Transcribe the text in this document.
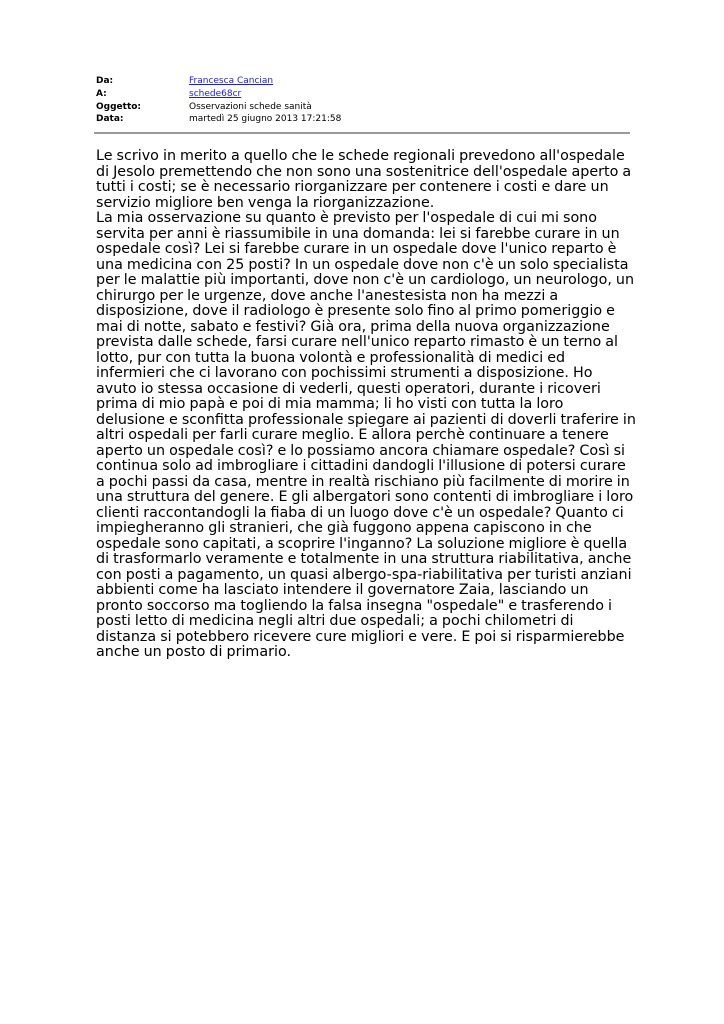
Da:	Francesca Cancian
A:	schede68cr
Oggetto:	Osservazioni schede sanità
Data:	martedì 25 giugno 2013 17:21:58

Le scrivo in merito a quello che le schede regionali prevedono all'ospedale di Jesolo premettendo che non sono una sostenitrice dell'ospedale aperto a tutti i costi; se è necessario riorganizzare per contenere i costi e dare un servizio migliore ben venga la riorganizzazione.

La mia osservazione su quanto è previsto per l'ospedale di cui mi sono servita per anni è riassumibile in una domanda: lei si farebbe curare in un ospedale così? Lei si farebbe curare in un ospedale dove l'unico reparto è una medicina con 25 posti? In un ospedale dove non c'è un solo specialista per le malattie più importanti, dove non c'è un cardiologo, un neurologo, un chirurgo per le urgenze, dove anche l'anestesista non ha mezzi a disposizione, dove il radiologo è presente solo fino al primo pomeriggio e mai di notte, sabato e festivi? Già ora, prima della nuova organizzazione prevista dalle schede, farsi curare nell'unico reparto rimasto è un terno al lotto, pur con tutta la buona volontà e professionalità di medici ed infermieri che ci lavorano con pochissimi strumenti a disposizione. Ho avuto io stessa occasione di vederli, questi operatori, durante i ricoveri prima di mio papà e poi di mia mamma; li ho visti con tutta la loro delusione e sconfitta professionale spiegare ai pazienti di doverli traferire in altri ospedali per farli curare meglio. E allora perchè continuare a tenere aperto un ospedale così? e lo possiamo ancora chiamare ospedale? Così si continua solo ad imbrogliare i cittadini dandogli l'illusione di potersi curare a pochi passi da casa, mentre in realtà rischiano più facilmente di morire in una struttura del genere. E gli albergatori sono contenti di imbrogliare i loro clienti raccontandogli la fiaba di un luogo dove c'è un ospedale? Quanto ci impiegheranno gli stranieri, che già fuggono appena capiscono in che ospedale sono capitati, a scoprire l'inganno? La soluzione migliore è quella di trasformarlo veramente e totalmente in una struttura riabilitativa, anche con posti a pagamento, un quasi albergo-spa-riabilitativa per turisti anziani abbienti come ha lasciato intendere il governatore Zaia, lasciando un pronto soccorso ma togliendo la falsa insegna "ospedale" e trasferendo i posti letto di medicina negli altri due ospedali; a pochi chilometri di distanza si potebbero ricevere cure migliori e vere. E poi si risparmierebbe anche un posto di primario.
